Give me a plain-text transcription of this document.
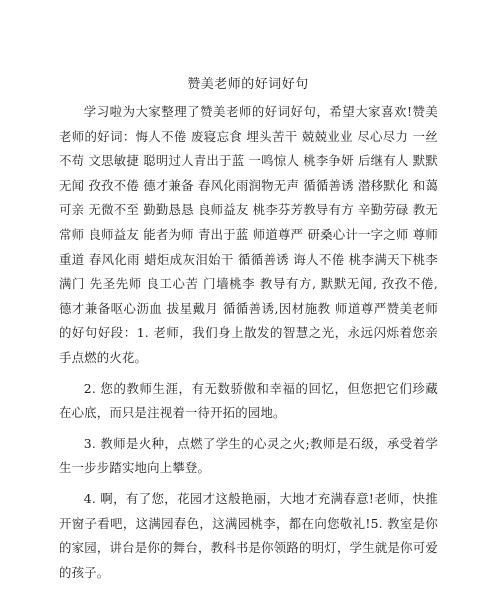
赞美老师的好词好句

学习啦为大家整理了赞美老师的好词好句，希望大家喜欢!赞美老师的好词：悔人不倦 废寝忘食 埋头苦干 兢兢业业 尽心尽力 一丝不苟 文思敏捷 聪明过人青出于蓝 一鸣惊人 桃李争妍 后继有人 默默无闻 孜孜不倦 德才兼备 春风化雨润物无声 循循善诱 潜移默化 和蔼可亲 无微不至 勤勤恳恳 良师益友 桃李芬芳教导有方 辛勤劳碌 教无常师 良师益友 能者为师 青出于蓝 师道尊严 研桑心计一字之师 尊师重道 春风化雨 蜡炬成灰泪始干 循循善诱 诲人不倦 桃李满天下桃李满门 先圣先师 良工心苦 门墙桃李 教导有方, 默默无闻, 孜孜不倦, 德才兼备呕心沥血 拔星戴月 循循善诱,因材施教 师道尊严赞美老师的好句好段：1. 老师，我们身上散发的智慧之光，永远闪烁着您亲手点燃的火花。

2. 您的教师生涯，有无数骄傲和幸福的回忆，但您把它们珍藏在心底，而只是注视着一待开拓的园地。

3. 教师是火种，点燃了学生的心灵之火;教师是石级，承受着学生一步步踏实地向上攀登。

4. 啊，有了您，花园才这般艳丽，大地才充满春意!老师，快推开窗子看吧，这满园春色，这满园桃李，都在向您敬礼!5. 教室是你的家园，讲台是你的舞台，教科书是你领路的明灯，学生就是你可爱的孩子。
